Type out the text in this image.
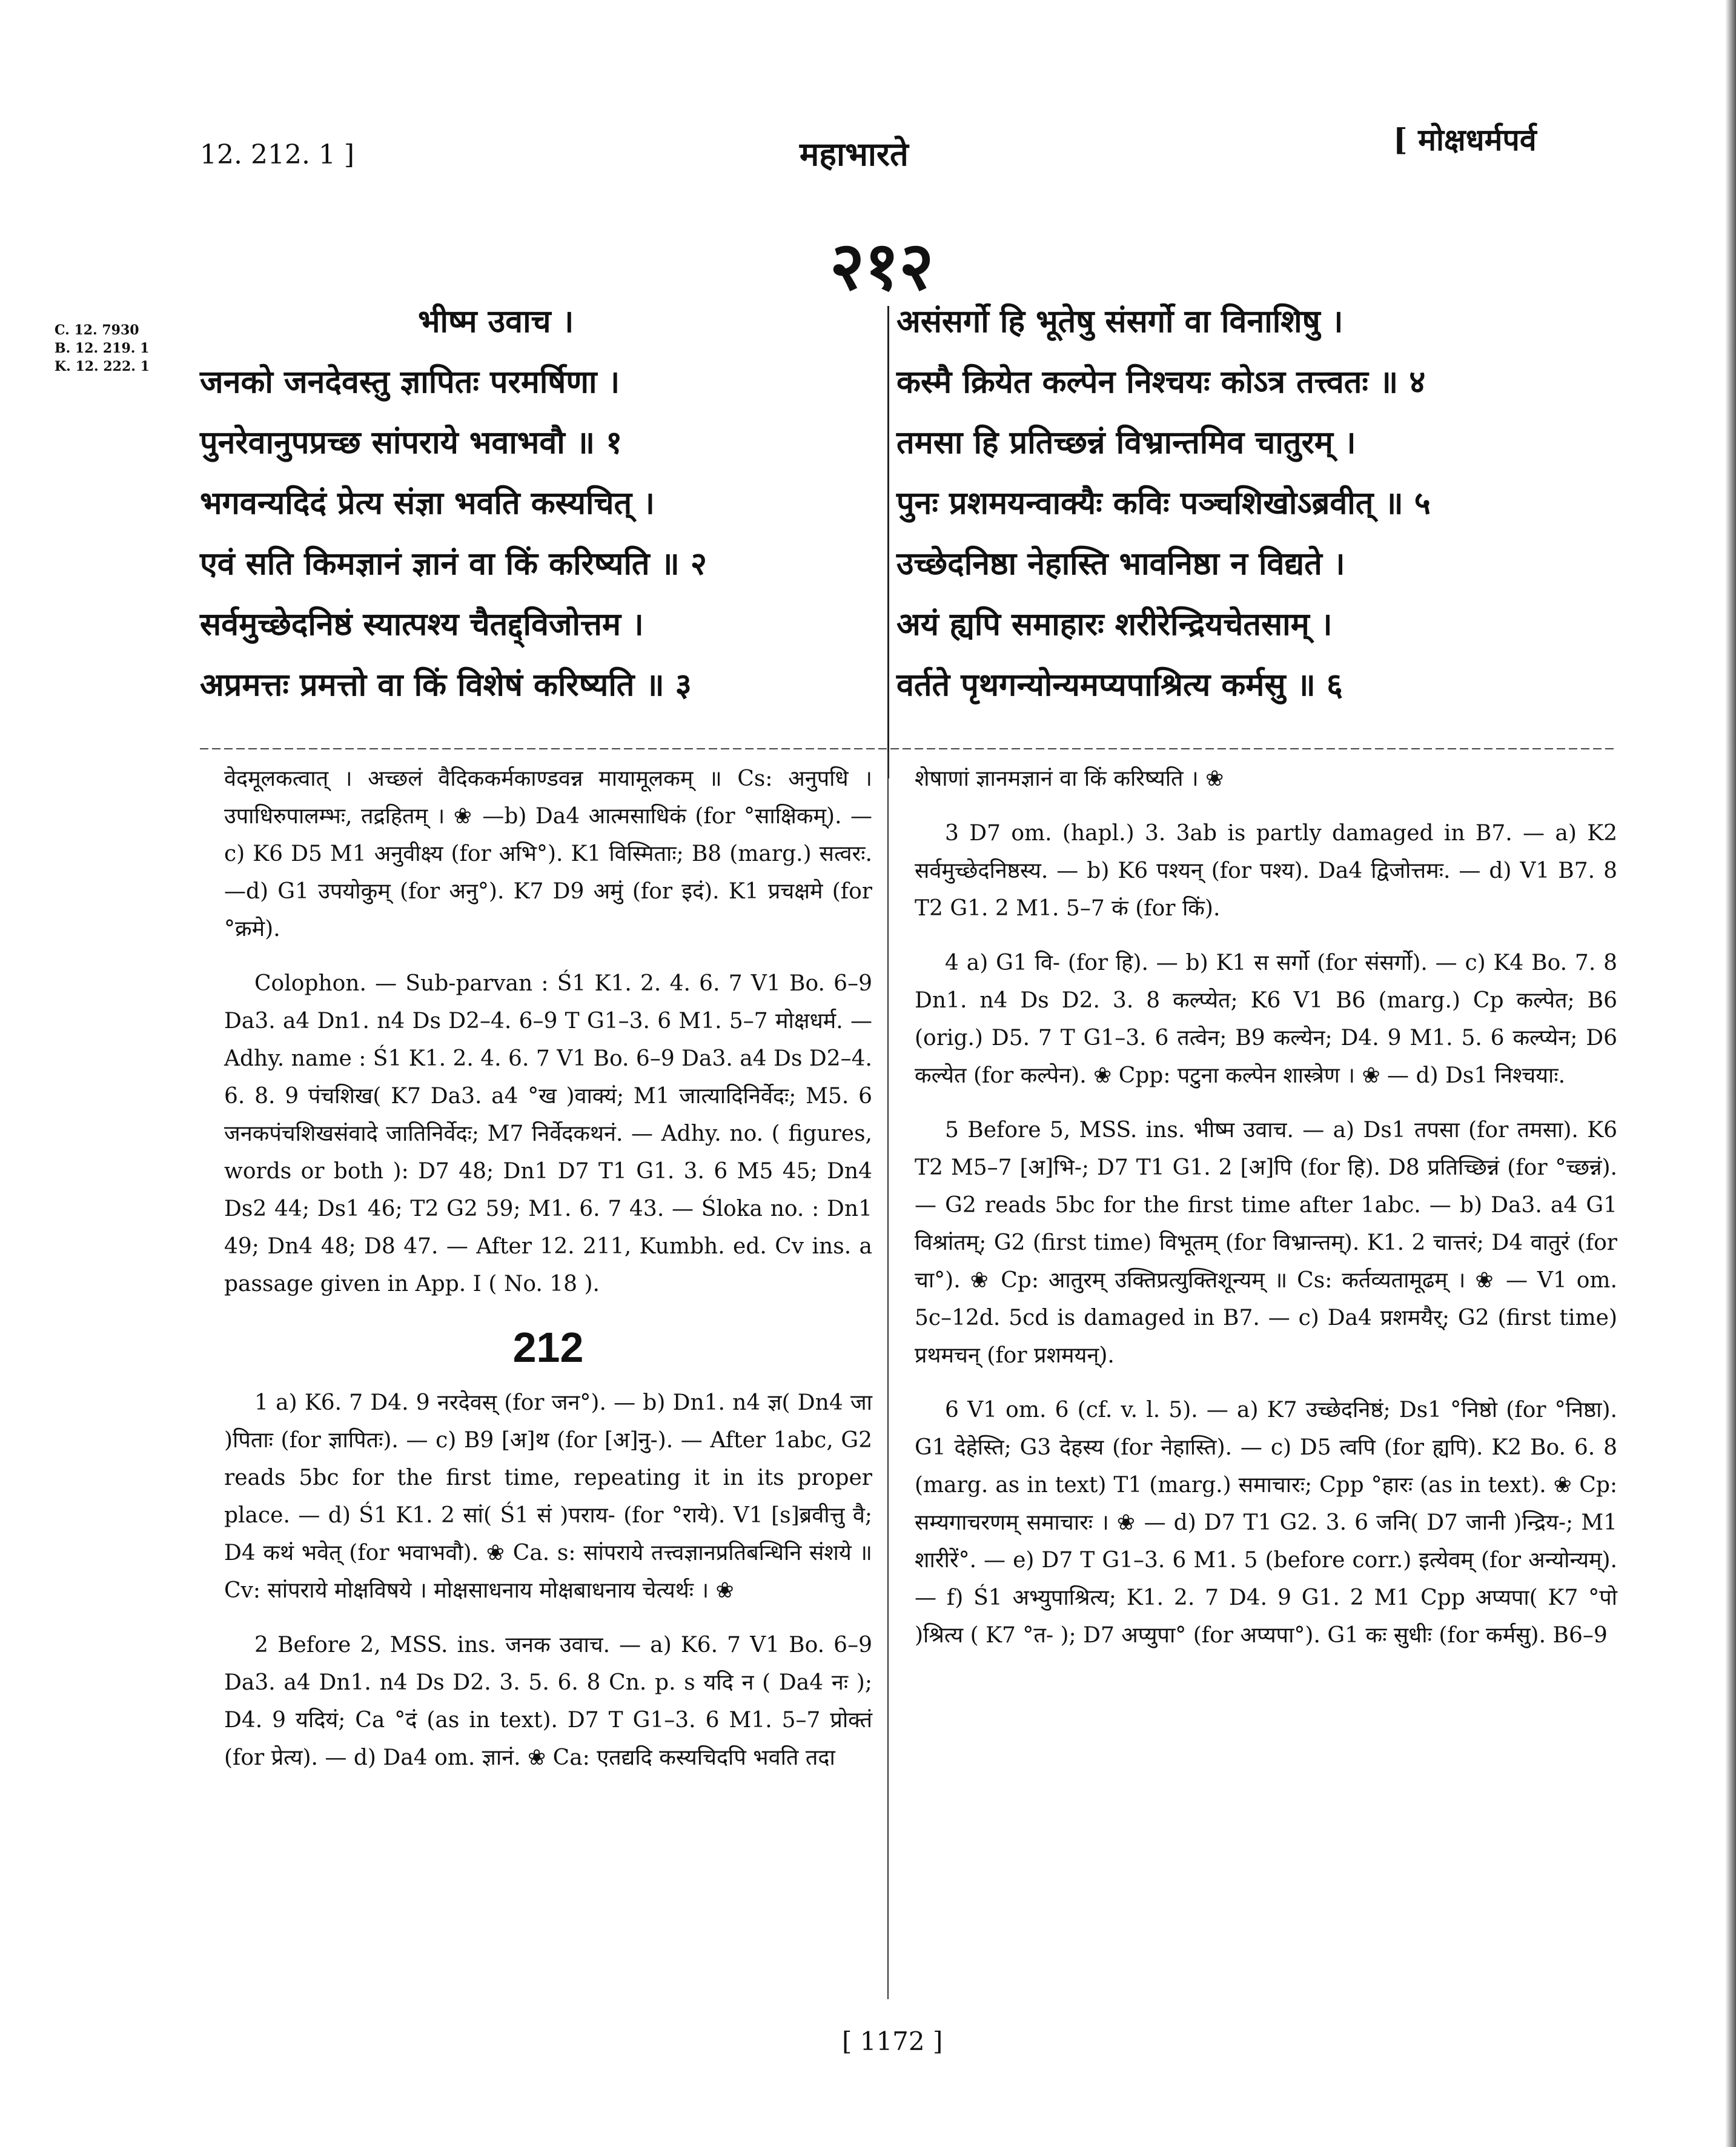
12. 212. 1 ]	महाभारते	[ मोक्षधर्मपर्व
२१२
C. 12. 7930
B. 12. 219. 1
K. 12. 222. 1
भीष्म उवाच ।
जनको जनदेवस्तु ज्ञापितः परमर्षिणा ।
पुनरेवानुपप्रच्छ सांपराये भवाभवौ ॥ १
भगवन्यदिदं प्रेत्य संज्ञा भवति कस्यचित् ।
एवं सति किमज्ञानं ज्ञानं वा किं करिष्यति ॥ २
सर्वमुच्छेदनिष्ठं स्यात्पश्य चैतद्द्विजोत्तम ।
अप्रमत्तः प्रमत्तो वा किं विशेषं करिष्यति ॥ ३
असंसर्गो हि भूतेषु संसर्गो वा विनाशिषु ।
कस्मै क्रियेत कल्पेन निश्चयः कोऽत्र तत्त्वतः ॥ ४
तमसा हि प्रतिच्छन्नं विभ्रान्तमिव चातुरम् ।
पुनः प्रशमयन्वाक्यैः कविः पञ्चशिखोऽब्रवीत् ॥ ५
उच्छेदनिष्ठा नेहास्ति भावनिष्ठा न विद्यते ।
अयं ह्यपि समाहारः शरीरेन्द्रियचेतसाम् ।
वर्तते पृथगन्योन्यमप्यपाश्रित्य कर्मसु ॥ ६

वेदमूलकत्वात् । अच्छलं वैदिककर्मकाण्डवन्न मायामूलकम् ॥ Cs: अनुपधि । उपाधिरुपालम्भः, तद्रहितम् । ❀ —b) Da4 आत्मसाधिकं (for °साक्षिकम्). —c) K6 D5 M1 अनुवीक्ष्य (for अभि°). K1 विस्मिताः; B8 (marg.) सत्वरः. —d) G1 उपयोकुम् (for अनु°). K7 D9 अमुं (for इदं). K1 प्रचक्षमे (for °क्रमे).

Colophon. — Sub-parvan : Ś1 K1. 2. 4. 6. 7 V1 Bo. 6–9 Da3. a4 Dn1. n4 Ds D2–4. 6–9 T G1–3. 6 M1. 5–7 मोक्षधर्म. — Adhy. name : Ś1 K1. 2. 4. 6. 7 V1 Bo. 6–9 Da3. a4 Ds D2–4. 6. 8. 9 पंचशिख( K7 Da3. a4 °ख )वाक्यं; M1 जात्यादिनिर्वेदः; M5. 6 जनकपंचशिखसंवादे जातिनिर्वेदः; M7 निर्वेदकथनं. — Adhy. no. ( figures, words or both ): D7 48; Dn1 D7 T1 G1. 3. 6 M5 45; Dn4 Ds2 44; Ds1 46; T2 G2 59; M1. 6. 7 43. — Śloka no. : Dn1 49; Dn4 48; D8 47. — After 12. 211, Kumbh. ed. Cv ins. a passage given in App. I ( No. 18 ).

212

1 a) K6. 7 D4. 9 नरदेवस् (for जन°). — b) Dn1. n4 ज्ञ( Dn4 जा )पिताः (for ज्ञापितः). — c) B9 [अ]थ (for [अ]नु-). — After 1abc, G2 reads 5bc for the first time, repeating it in its proper place. — d) Ś1 K1. 2 सां( Ś1 सं )पराय- (for °राये). V1 [s]ब्रवीत्तु वै; D4 कथं भवेत् (for भवाभवौ). ❀ Ca. s: सांपराये तत्त्वज्ञानप्रतिबन्धिनि संशये ॥ Cv: सांपराये मोक्षविषये । मोक्षसाधनाय मोक्षबाधनाय चेत्यर्थः । ❀

2 Before 2, MSS. ins. जनक उवाच. — a) K6. 7 V1 Bo. 6–9 Da3. a4 Dn1. n4 Ds D2. 3. 5. 6. 8 Cn. p. s यदि न ( Da4 नः ); D4. 9 यदियं; Ca °दं (as in text). D7 T G1–3. 6 M1. 5–7 प्रोक्तं (for प्रेत्य). — d) Da4 om. ज्ञानं. ❀ Ca: एतद्यदि कस्यचिदपि भवति तदा

शेषाणां ज्ञानमज्ञानं वा किं करिष्यति । ❀

3 D7 om. (hapl.) 3. 3ab is partly damaged in B7. — a) K2 सर्वमुच्छेदनिष्ठस्य. — b) K6 पश्यन् (for पश्य). Da4 द्विजोत्तमः. — d) V1 B7. 8 T2 G1. 2 M1. 5–7 कं (for किं).

4 a) G1 वि- (for हि). — b) K1 स सर्गो (for संसर्गो). — c) K4 Bo. 7. 8 Dn1. n4 Ds D2. 3. 8 कल्प्येत; K6 V1 B6 (marg.) Cp कल्पेत; B6 (orig.) D5. 7 T G1–3. 6 तत्वेन; B9 कल्येन; D4. 9 M1. 5. 6 कल्प्येन; D6 कल्येत (for कल्पेन). ❀ Cpp: पटुना कल्पेन शास्त्रेण । ❀ — d) Ds1 निश्चयाः.

5 Before 5, MSS. ins. भीष्म उवाच. — a) Ds1 तपसा (for तमसा). K6 T2 M5–7 [अ]भि-; D7 T1 G1. 2 [अ]पि (for हि). D8 प्रतिच्छिन्नं (for °च्छन्नं). — G2 reads 5bc for the first time after 1abc. — b) Da3. a4 G1 विश्रांतम्; G2 (first time) विभूतम् (for विभ्रान्तम्). K1. 2 चात्तरं; D4 वातुरं (for चा°). ❀ Cp: आतुरम् उक्तिप्रत्युक्तिशून्यम् ॥ Cs: कर्तव्यतामूढम् । ❀ — V1 om. 5c–12d. 5cd is damaged in B7. — c) Da4 प्रशमयैर्; G2 (first time) प्रथमचन् (for प्रशमयन्).

6 V1 om. 6 (cf. v. l. 5). — a) K7 उच्छेदनिष्ठं; Ds1 °निष्ठो (for °निष्ठा). G1 देहेस्ति; G3 देहस्य (for नेहास्ति). — c) D5 त्वपि (for ह्यपि). K2 Bo. 6. 8 (marg. as in text) T1 (marg.) समाचारः; Cpp °हारः (as in text). ❀ Cp: सम्यगाचरणम् समाचारः । ❀ — d) D7 T1 G2. 3. 6 जनि( D7 जानी )न्द्रिय-; M1 शारीरें°. — e) D7 T G1–3. 6 M1. 5 (before corr.) इत्येवम् (for अन्योन्यम्). — f) Ś1 अभ्युपाश्रित्य; K1. 2. 7 D4. 9 G1. 2 M1 Cpp अप्यपा( K7 °पो )श्रित्य ( K7 °त- ); D7 अप्युपा° (for अप्यपा°). G1 कः सुधीः (for कर्मसु). B6–9

[ 1172 ]
